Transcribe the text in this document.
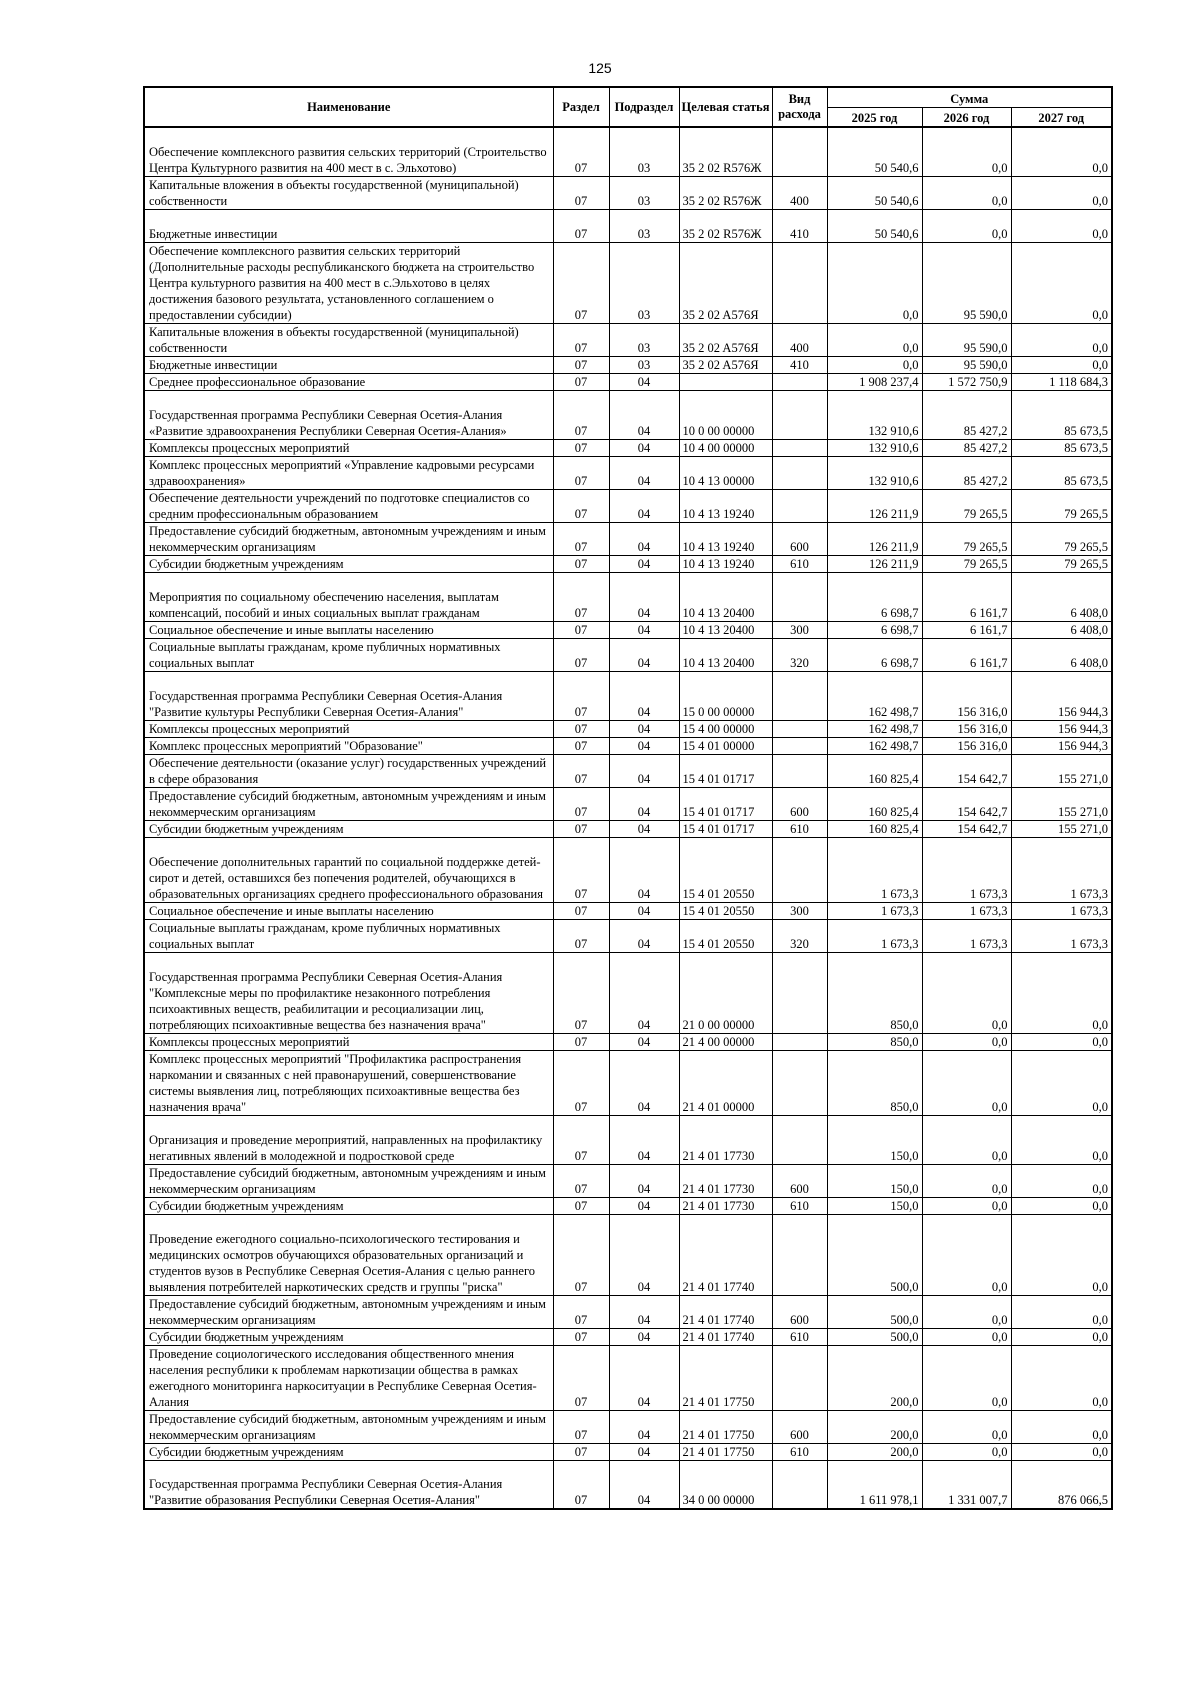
125
Наименование	Раздел	Подраздел	Целевая статья	Вид расхода	Сумма		
					2025 год	2026 год	2027 год
Обеспечение комплексного развития сельских территорий (Строительство Центра Культурного развития на 400 мест в с. Эльхотово)	07	03	35 2 02 R576Ж		50 540,6	0,0	0,0
Капитальные вложения в объекты государственной (муниципальной) собственности	07	03	35 2 02 R576Ж	400	50 540,6	0,0	0,0
Бюджетные инвестиции	07	03	35 2 02 R576Ж	410	50 540,6	0,0	0,0
Обеспечение комплексного развития сельских территорий (Дополнительные расходы республиканского бюджета на строительство Центра культурного развития на 400 мест в с.Эльхотово в целях достижения базового результата, установленного соглашением о предоставлении субсидии)	07	03	35 2 02 A576Я		0,0	95 590,0	0,0
Капитальные вложения в объекты государственной (муниципальной) собственности	07	03	35 2 02 A576Я	400	0,0	95 590,0	0,0
Бюджетные инвестиции	07	03	35 2 02 A576Я	410	0,0	95 590,0	0,0
Среднее профессиональное образование	07	04			1 908 237,4	1 572 750,9	1 118 684,3
Государственная программа Республики Северная Осетия-Алания «Развитие здравоохранения Республики Северная Осетия-Алания»	07	04	10 0 00 00000		132 910,6	85 427,2	85 673,5
Комплексы процессных мероприятий	07	04	10 4 00 00000		132 910,6	85 427,2	85 673,5
Комплекс процессных мероприятий «Управление кадровыми ресурсами здравоохранения»	07	04	10 4 13 00000		132 910,6	85 427,2	85 673,5
Обеспечение деятельности учреждений по подготовке специалистов со средним профессиональным образованием	07	04	10 4 13 19240		126 211,9	79 265,5	79 265,5
Предоставление субсидий бюджетным, автономным учреждениям и иным некоммерческим организациям	07	04	10 4 13 19240	600	126 211,9	79 265,5	79 265,5
Субсидии бюджетным учреждениям	07	04	10 4 13 19240	610	126 211,9	79 265,5	79 265,5
Мероприятия по социальному обеспечению населения, выплатам компенсаций, пособий и иных социальных выплат гражданам	07	04	10 4 13 20400		6 698,7	6 161,7	6 408,0
Социальное обеспечение и иные выплаты населению	07	04	10 4 13 20400	300	6 698,7	6 161,7	6 408,0
Социальные выплаты гражданам, кроме публичных нормативных социальных выплат	07	04	10 4 13 20400	320	6 698,7	6 161,7	6 408,0
Государственная программа Республики Северная Осетия-Алания "Развитие культуры Республики Северная Осетия-Алания"	07	04	15 0 00 00000		162 498,7	156 316,0	156 944,3
Комплексы процессных мероприятий	07	04	15 4 00 00000		162 498,7	156 316,0	156 944,3
Комплекс процессных мероприятий "Образование"	07	04	15 4 01 00000		162 498,7	156 316,0	156 944,3
Обеспечение деятельности (оказание услуг) государственных учреждений в сфере образования	07	04	15 4 01 01717		160 825,4	154 642,7	155 271,0
Предоставление субсидий бюджетным, автономным учреждениям и иным некоммерческим организациям	07	04	15 4 01 01717	600	160 825,4	154 642,7	155 271,0
Субсидии бюджетным учреждениям	07	04	15 4 01 01717	610	160 825,4	154 642,7	155 271,0
Обеспечение дополнительных гарантий по социальной поддержке детей-сирот и детей, оставшихся без попечения родителей, обучающихся в образовательных организациях среднего профессионального образования	07	04	15 4 01 20550		1 673,3	1 673,3	1 673,3
Социальное обеспечение и иные выплаты населению	07	04	15 4 01 20550	300	1 673,3	1 673,3	1 673,3
Социальные выплаты гражданам, кроме публичных нормативных социальных выплат	07	04	15 4 01 20550	320	1 673,3	1 673,3	1 673,3
Государственная программа Республики Северная Осетия-Алания "Комплексные меры по профилактике незаконного потребления психоактивных веществ, реабилитации и ресоциализации лиц, потребляющих психоактивные вещества без назначения врача"	07	04	21 0 00 00000		850,0	0,0	0,0
Комплексы процессных мероприятий	07	04	21 4 00 00000		850,0	0,0	0,0
Комплекс процессных мероприятий "Профилактика распространения наркомании и связанных с ней правонарушений, совершенствование системы выявления лиц, потребляющих психоактивные вещества без назначения врача"	07	04	21 4 01 00000		850,0	0,0	0,0
Организация и проведение мероприятий, направленных на профилактику негативных явлений в молодежной и подростковой среде	07	04	21 4 01 17730		150,0	0,0	0,0
Предоставление субсидий бюджетным, автономным учреждениям и иным некоммерческим организациям	07	04	21 4 01 17730	600	150,0	0,0	0,0
Субсидии бюджетным учреждениям	07	04	21 4 01 17730	610	150,0	0,0	0,0
Проведение ежегодного социально-психологического тестирования и медицинских осмотров обучающихся образовательных организаций и студентов вузов в Республике Северная Осетия-Алания с целью раннего выявления потребителей наркотических средств и группы "риска"	07	04	21 4 01 17740		500,0	0,0	0,0
Предоставление субсидий бюджетным, автономным учреждениям и иным некоммерческим организациям	07	04	21 4 01 17740	600	500,0	0,0	0,0
Субсидии бюджетным учреждениям	07	04	21 4 01 17740	610	500,0	0,0	0,0
Проведение социологического исследования общественного мнения населения республики к проблемам наркотизации общества в рамках ежегодного мониторинга наркоситуации в Республике Северная Осетия-Алания	07	04	21 4 01 17750		200,0	0,0	0,0
Предоставление субсидий бюджетным, автономным учреждениям и иным некоммерческим организациям	07	04	21 4 01 17750	600	200,0	0,0	0,0
Субсидии бюджетным учреждениям	07	04	21 4 01 17750	610	200,0	0,0	0,0
Государственная программа Республики Северная Осетия-Алания "Развитие образования Республики Северная Осетия-Алания"	07	04	34 0 00 00000		1 611 978,1	1 331 007,7	876 066,5
